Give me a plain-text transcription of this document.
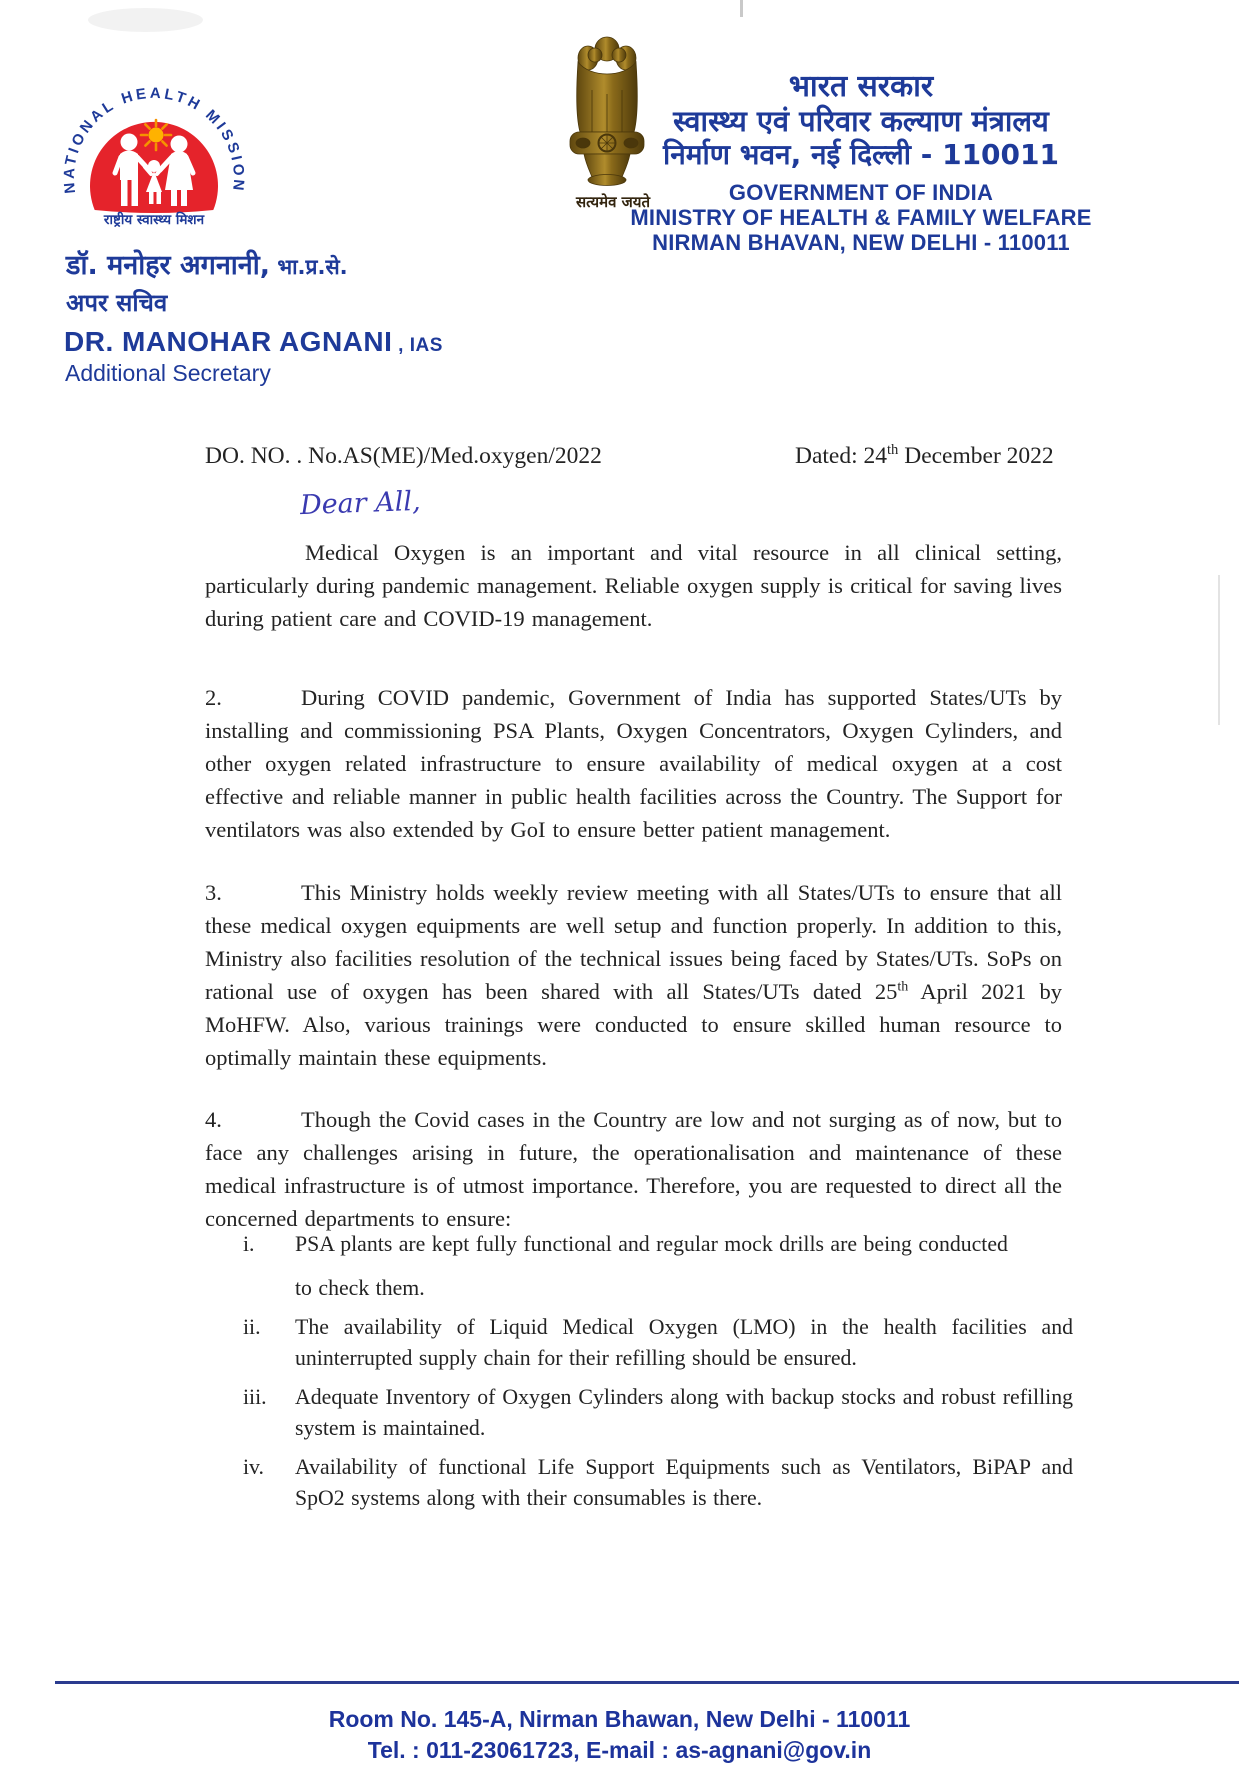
NATIONAL HEALTH MISSION
राष्ट्रीय स्वास्थ्य मिशन
डॉ. मनोहर अगनानी, भा.प्र.से.
अपर सचिव
DR. MANOHAR AGNANI , IAS
Additional Secretary
सत्यमेव जयते
भारत सरकार
स्वास्थ्य एवं परिवार कल्याण मंत्रालय
निर्माण भवन, नई दिल्ली - 110011
GOVERNMENT OF INDIA
MINISTRY OF HEALTH & FAMILY WELFARE
NIRMAN BHAVAN, NEW DELHI - 110011
DO. NO. . No.AS(ME)/Med.oxygen/2022	Dated: 24th December 2022
Dear All,
Medical Oxygen is an important and vital resource in all clinical setting, particularly during pandemic management. Reliable oxygen supply is critical for saving lives during patient care and COVID-19 management.
2.	During COVID pandemic, Government of India has supported States/UTs by installing and commissioning PSA Plants, Oxygen Concentrators, Oxygen Cylinders, and other oxygen related infrastructure to ensure availability of medical oxygen at a cost effective and reliable manner in public health facilities across the Country. The Support for ventilators was also extended by GoI to ensure better patient management.
3.	This Ministry holds weekly review meeting with all States/UTs to ensure that all these medical oxygen equipments are well setup and function properly. In addition to this, Ministry also facilities resolution of the technical issues being faced by States/UTs. SoPs on rational use of oxygen has been shared with all States/UTs dated 25th April 2021 by MoHFW. Also, various trainings were conducted to ensure skilled human resource to optimally maintain these equipments.
4.	Though the Covid cases in the Country are low and not surging as of now, but to face any challenges arising in future, the operationalisation and maintenance of these medical infrastructure is of utmost importance. Therefore, you are requested to direct all the concerned departments to ensure:
i.	PSA plants are kept fully functional and regular mock drills are being conducted
to check them.
ii.	The availability of Liquid Medical Oxygen (LMO) in the health facilities and uninterrupted supply chain for their refilling should be ensured.
iii.	Adequate Inventory of Oxygen Cylinders along with backup stocks and robust refilling system is maintained.
iv.	Availability of functional Life Support Equipments such as Ventilators, BiPAP and SpO2 systems along with their consumables is there.
Room No. 145-A, Nirman Bhawan, New Delhi - 110011
Tel. : 011-23061723, E-mail : as-agnani@gov.in
